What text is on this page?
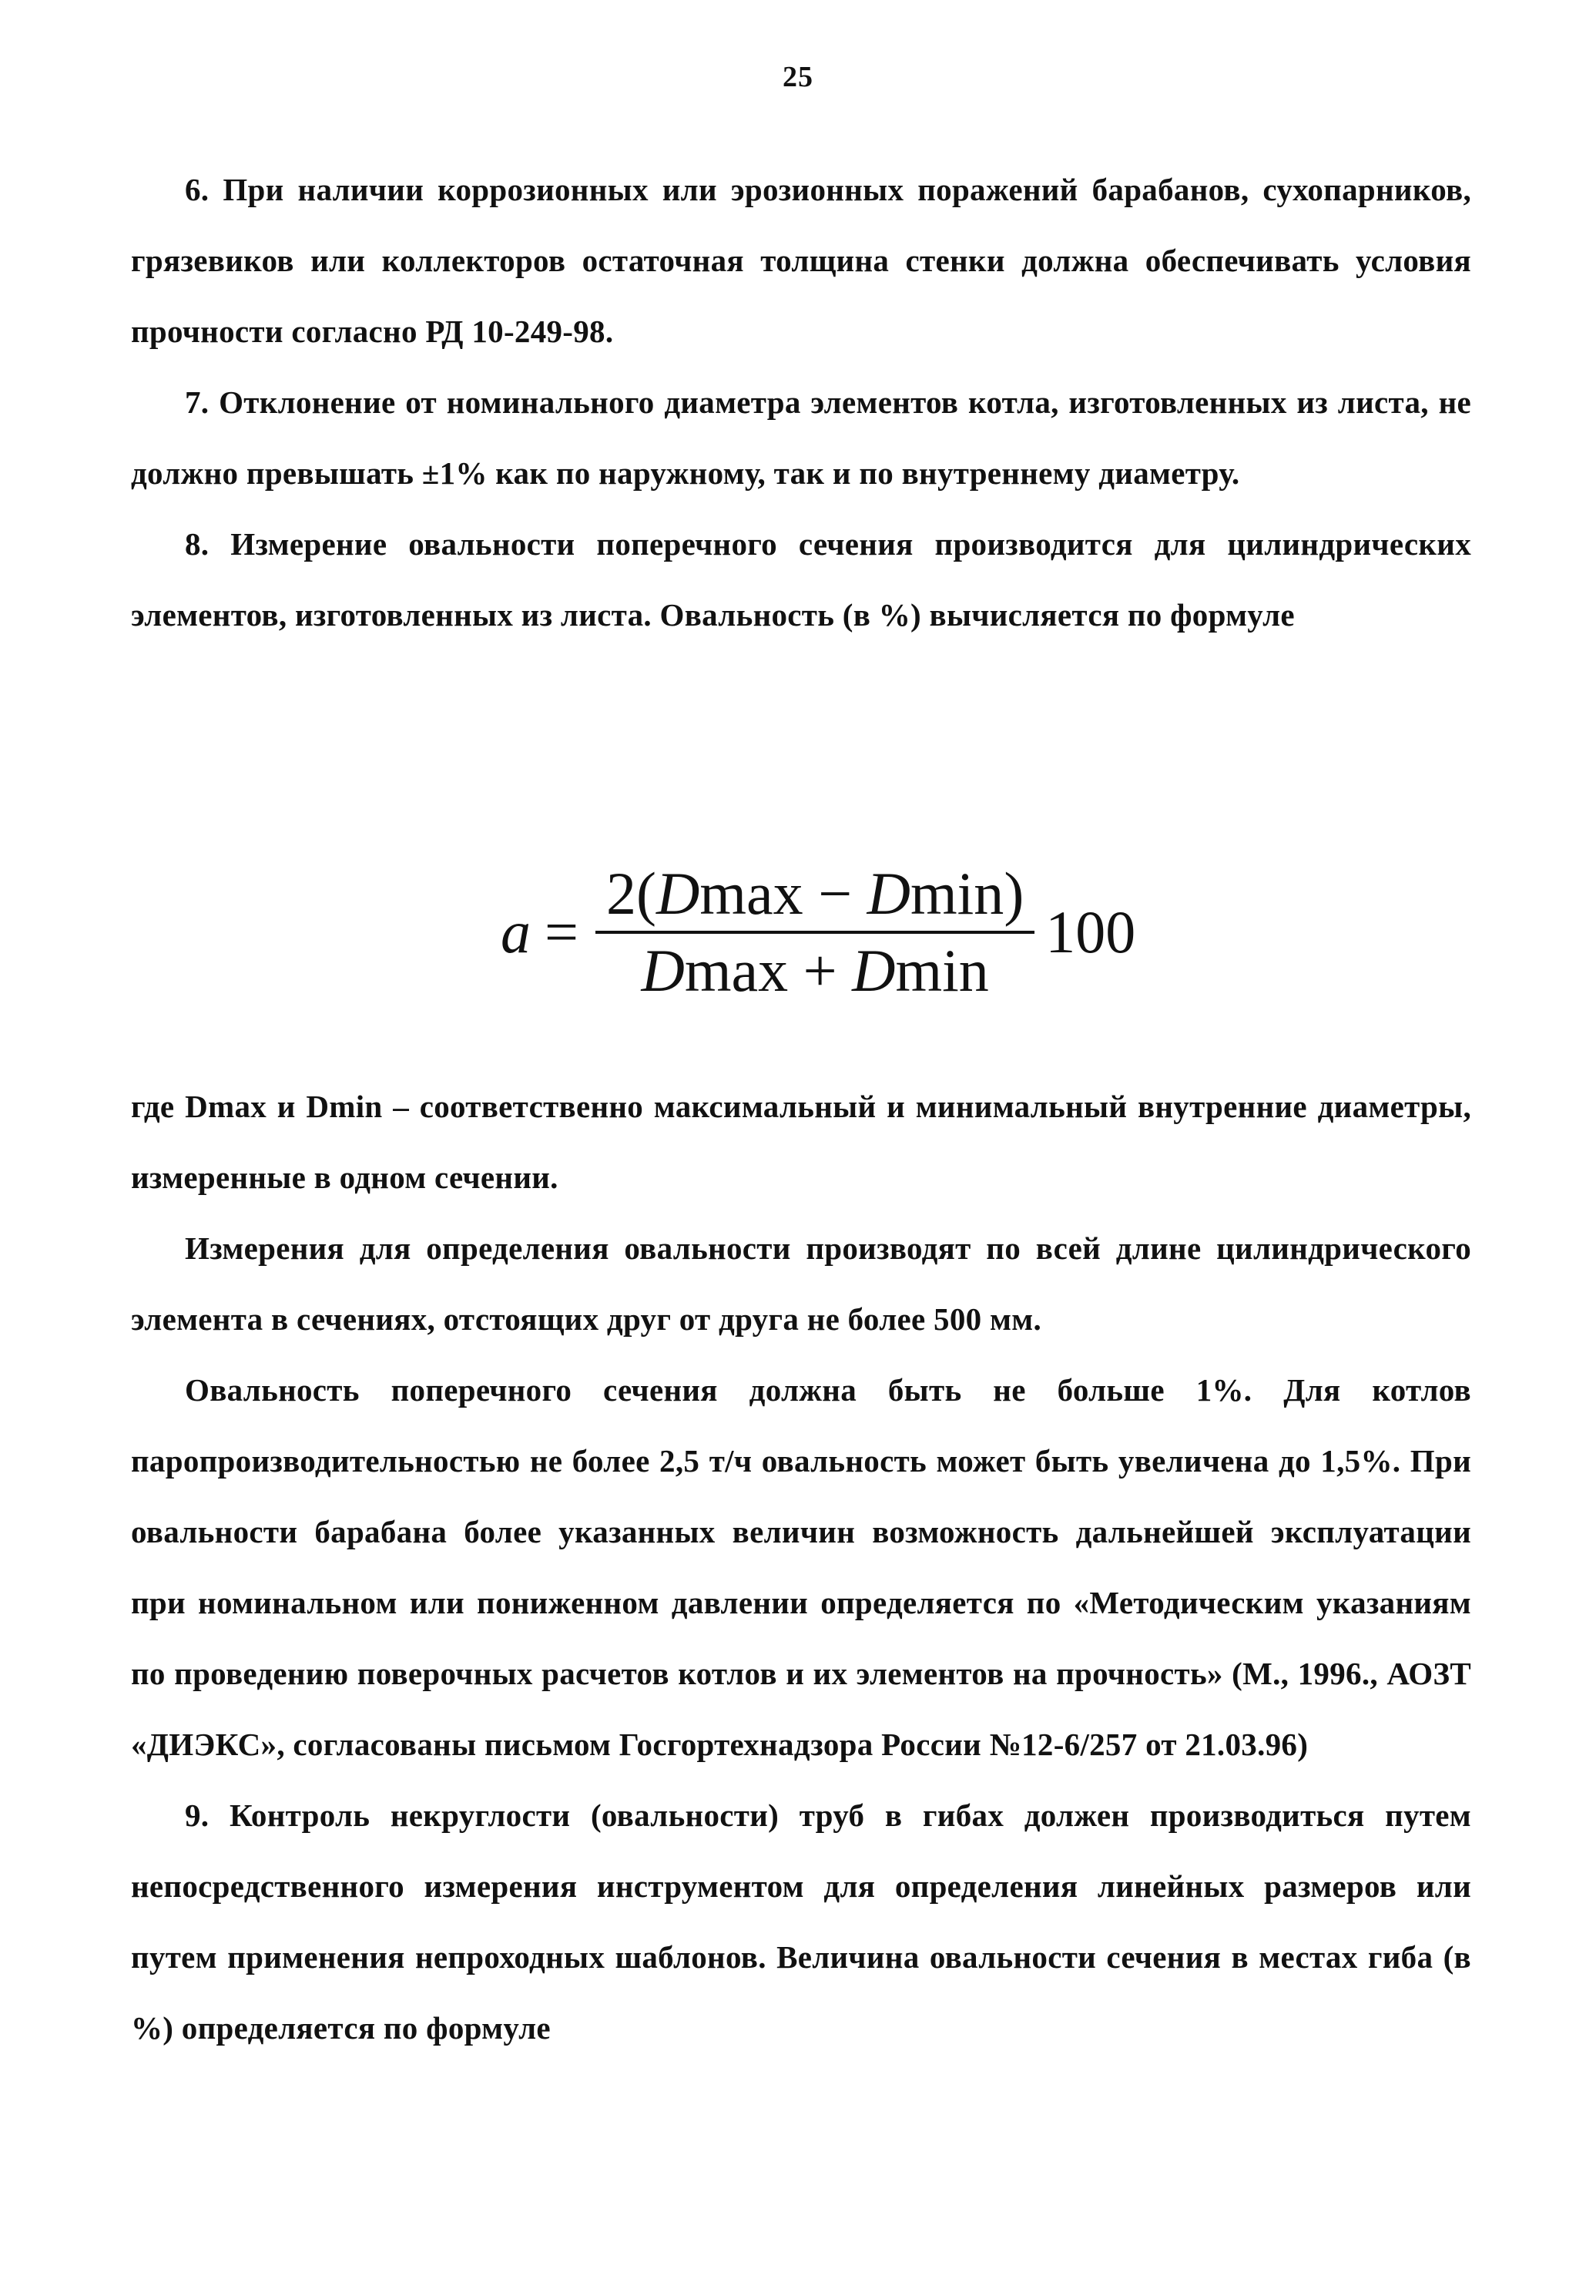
25

6. При наличии коррозионных или эрозионных поражений барабанов, сухопарников, грязевиков или коллекторов остаточная толщина стенки должна обеспечивать условия прочности согласно РД 10-249-98.

7. Отклонение от номинального диаметра элементов котла, изготовленных из листа, не должно превышать ±1% как по наружному, так и по внутреннему диаметру.

8. Измерение овальности поперечного сечения производится для цилиндрических элементов, изготовленных из листа. Овальность (в %) вычисляется по формуле

$a = \frac{2(Dmax - Dmin)}{Dmax + Dmin} 100$

где Dmax и Dmin – соответственно максимальный и минимальный внутренние диаметры, измеренные в одном сечении.

Измерения для определения овальности производят по всей длине цилиндрического элемента в сечениях, отстоящих друг от друга не более 500 мм.

Овальность поперечного сечения должна быть не больше 1%. Для котлов паропроизводительностью не более 2,5 т/ч овальность может быть увеличена до 1,5%. При овальности барабана более указанных величин возможность дальнейшей эксплуатации при номинальном или пониженном давлении определяется по «Методическим указаниям по проведению поверочных расчетов котлов и их элементов на прочность» (М., 1996., АОЗТ «ДИЭКС», согласованы письмом Госгортехнадзора России №12-6/257 от 21.03.96)

9. Контроль некруглости (овальности) труб в гибах должен производиться путем непосредственного измерения инструментом для определения линейных размеров или путем применения непроходных шаблонов. Величина овальности сечения в местах гиба (в %) определяется по формуле
